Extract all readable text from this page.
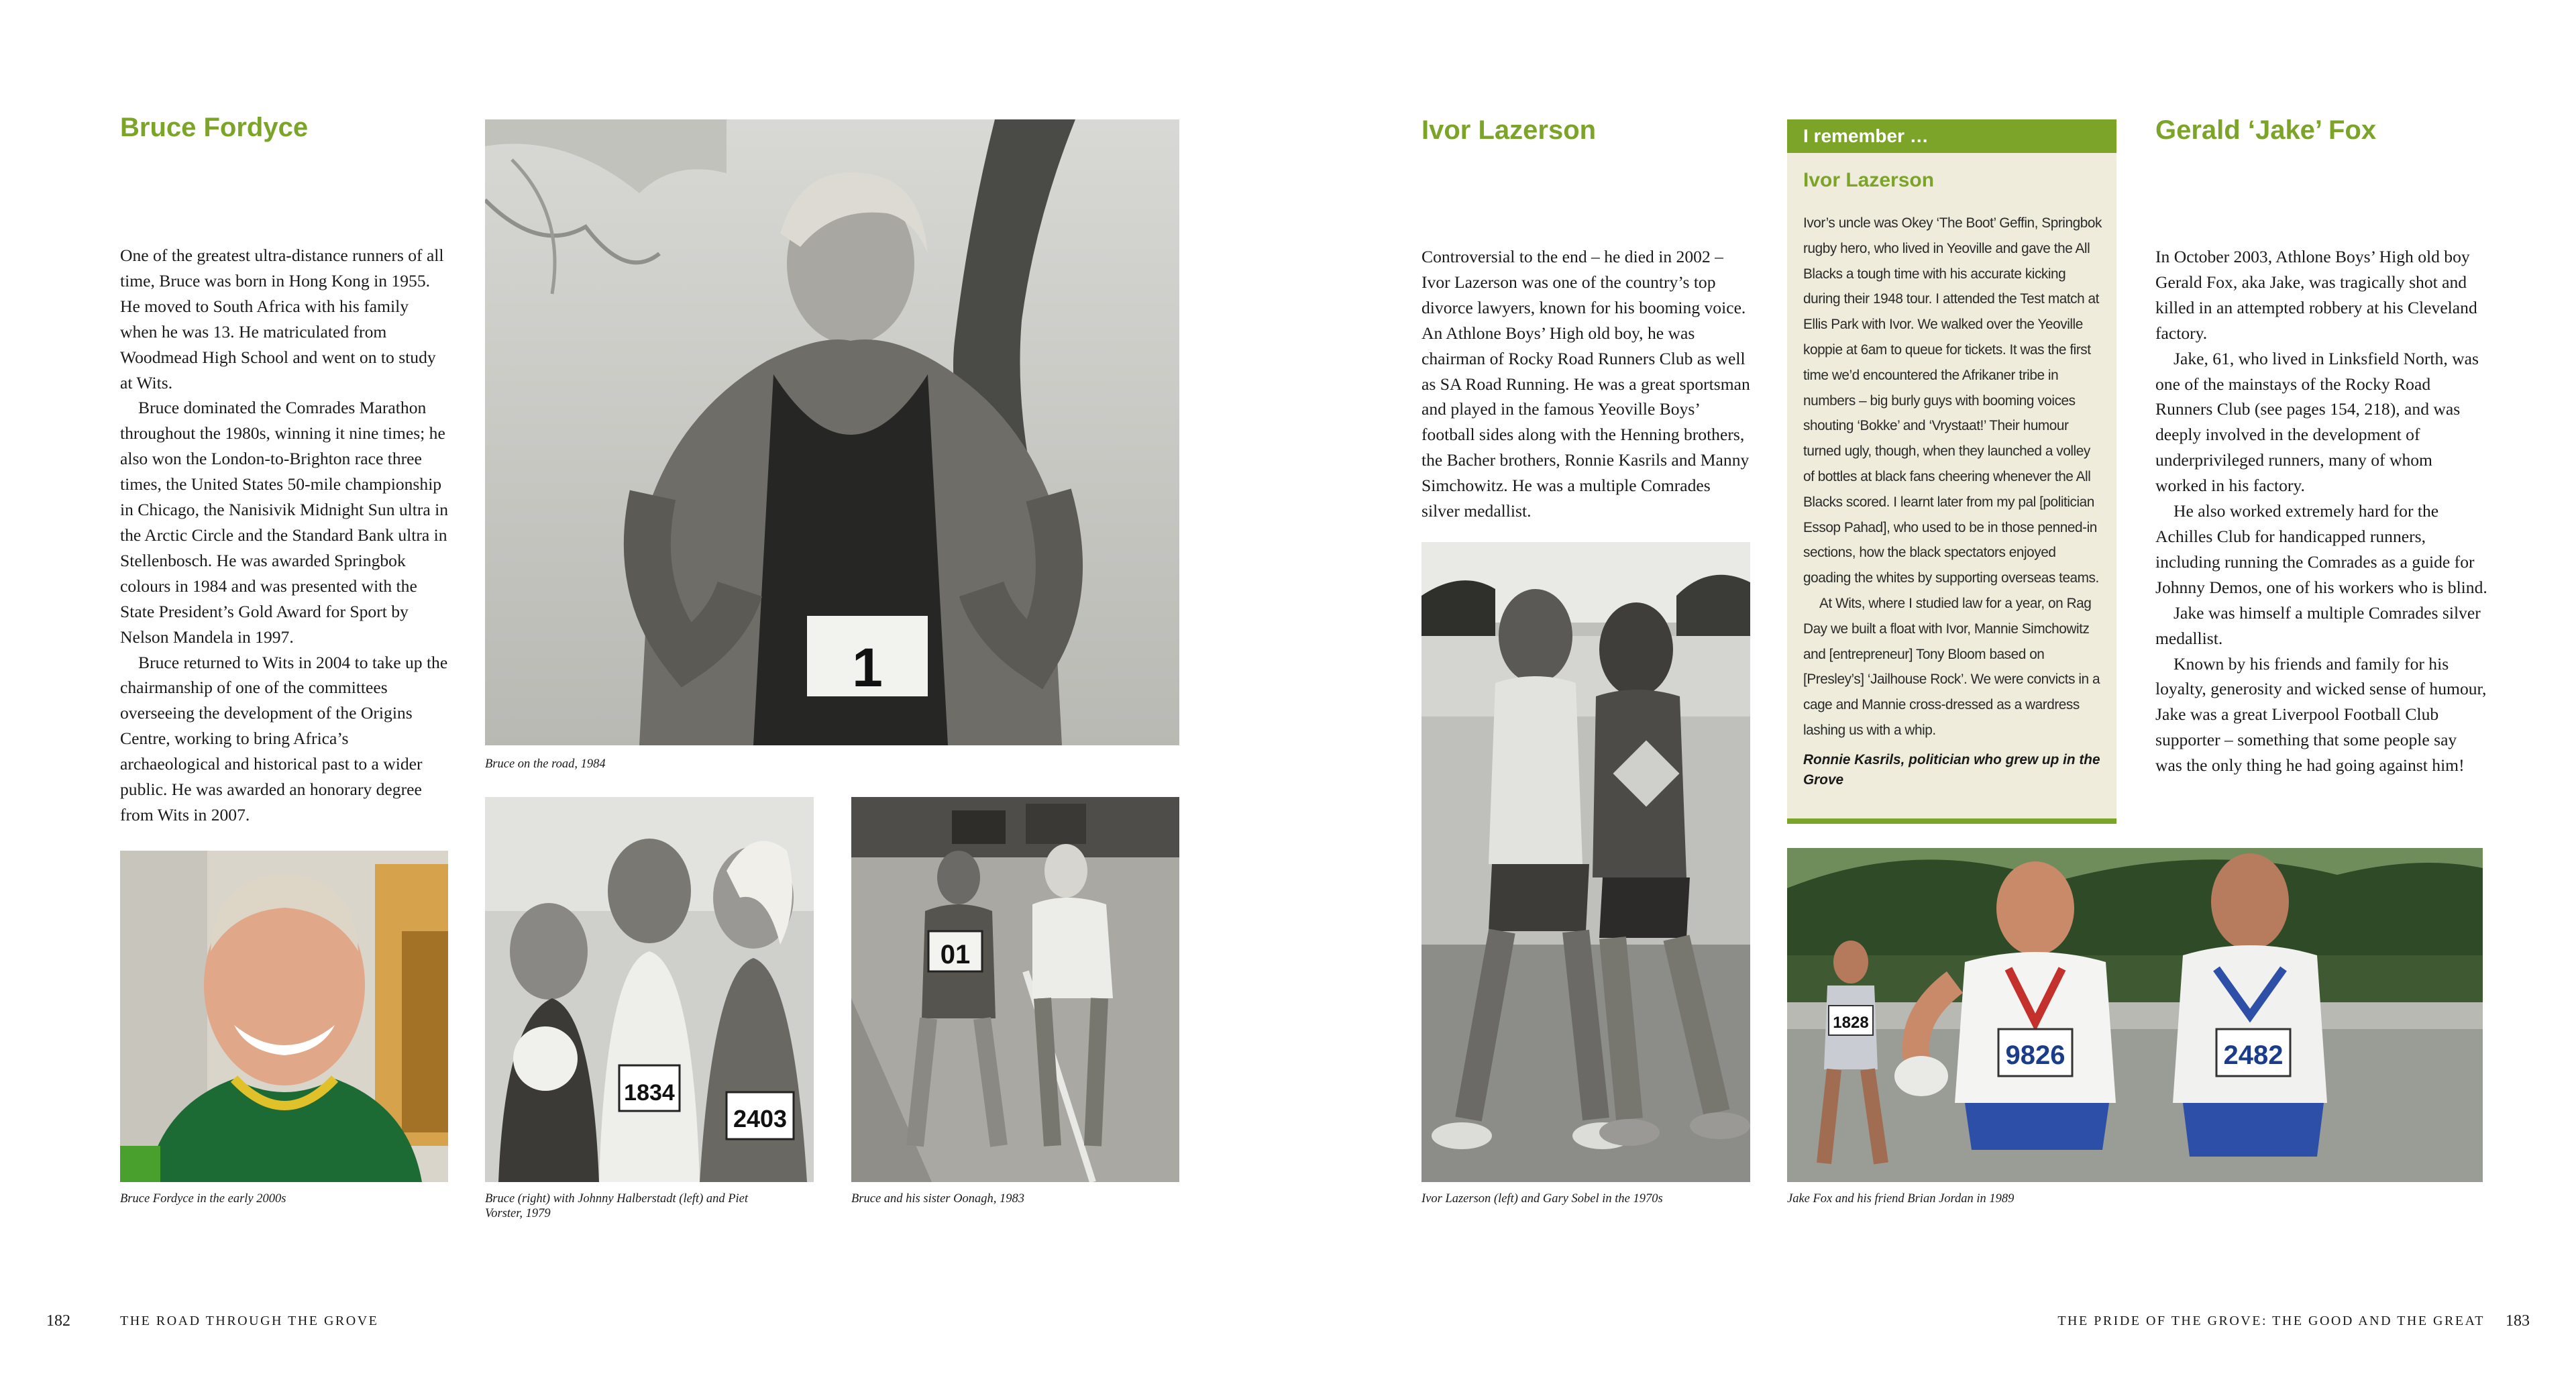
Bruce Fordyce

One of the greatest ultra-distance runners of all time, Bruce was born in Hong Kong in 1955. He moved to South Africa with his family when he was 13. He matriculated from Woodmead High School and went on to study at Wits.

Bruce dominated the Comrades Marathon throughout the 1980s, winning it nine times; he also won the London-to-Brighton race three times, the United States 50-mile championship in Chicago, the Nanisivik Midnight Sun ultra in the Arctic Circle and the Standard Bank ultra in Stellenbosch. He was awarded Springbok colours in 1984 and was presented with the State President’s Gold Award for Sport by Nelson Mandela in 1997.

Bruce returned to Wits in 2004 to take up the chairmanship of one of the committees overseeing the development of the Origins Centre, working to bring Africa’s archaeological and historical past to a wider public. He was awarded an honorary degree from Wits in 2007.

1

Bruce on the road, 1984

Bruce Fordyce in the early 2000s

1834
2403

Bruce (right) with Johnny Halberstadt (left) and Piet Vorster, 1979

01

Bruce and his sister Oonagh, 1983

182	THE ROAD THROUGH THE GROVE
Ivor Lazerson

Controversial to the end – he died in 2002 – Ivor Lazerson was one of the country’s top divorce lawyers, known for his booming voice. An Athlone Boys’ High old boy, he was chairman of Rocky Road Runners Club as well as SA Road Running. He was a great sportsman and played in the famous Yeoville Boys’ football sides along with the Henning brothers, the Bacher brothers, Ronnie Kasrils and Manny Simchowitz. He was a multiple Comrades silver medallist.

Ivor Lazerson (left) and Gary Sobel in the 1970s

I remember …
Ivor Lazerson

Ivor’s uncle was Okey ‘The Boot’ Geffin, Springbok rugby hero, who lived in Yeoville and gave the All Blacks a tough time with his accurate kicking during their 1948 tour. I attended the Test match at Ellis Park with Ivor. We walked over the Yeoville koppie at 6am to queue for tickets. It was the first time we’d encountered the Afrikaner tribe in numbers – big burly guys with booming voices shouting ‘Bokke’ and ‘Vrystaat!’ Their humour turned ugly, though, when they launched a volley of bottles at black fans cheering whenever the All Blacks scored. I learnt later from my pal [politician Essop Pahad], who used to be in those penned-in sections, how the black spectators enjoyed goading the whites by supporting overseas teams.

At Wits, where I studied law for a year, on Rag Day we built a float with Ivor, Mannie Simchowitz and [entrepreneur] Tony Bloom based on [Presley’s] ‘Jailhouse Rock’. We were convicts in a cage and Mannie cross-dressed as a wardress lashing us with a whip.

Ronnie Kasrils, politician who grew up in the Grove
Gerald ‘Jake’ Fox

In October 2003, Athlone Boys’ High old boy Gerald Fox, aka Jake, was tragically shot and killed in an attempted robbery at his Cleveland factory.

Jake, 61, who lived in Linksfield North, was one of the mainstays of the Rocky Road Runners Club (see pages 154, 218), and was deeply involved in the development of underprivileged runners, many of whom worked in his factory.

He also worked extremely hard for the Achilles Club for handicapped runners, including running the Comrades as a guide for Johnny Demos, one of his workers who is blind.

Jake was himself a multiple Comrades silver medallist.

Known by his friends and family for his loyalty, generosity and wicked sense of humour, Jake was a great Liverpool Football Club supporter – something that some people say was the only thing he had going against him!

1828
9826	2482

Jake Fox and his friend Brian Jordan in 1989

THE PRIDE OF THE GROVE: THE GOOD AND THE GREAT 183
